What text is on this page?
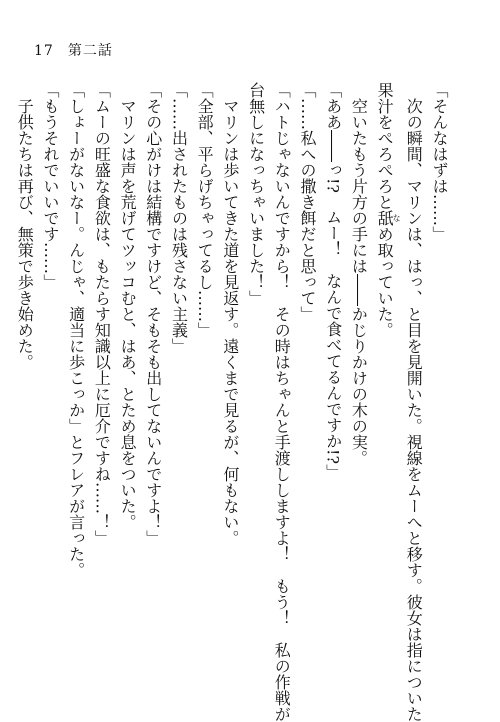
17 第二話

「そんなはずは……」

次の瞬間、マリンは、はっ、と目を見開いた。視線をムーへと移す。彼女は指についた

果汁をぺろぺろと舐なめ取っていた。

空いたもう片方の手には――かじりかけの木の実。

「ああ――っ!?　ムー！　なんで食べてるんですか!?」

「……私への撒き餌だと思って」

「ハトじゃないんですから！　その時はちゃんと手渡ししますよ！　もう！　私の作戦が

台無しになっちゃいました！」

マリンは歩いてきた道を見返す。遠くまで見るが、何もない。

「全部、平らげちゃってるし……」

「……出されたものは残さない主義」

「その心がけは結構ですけど、そもそも出してないんですよ！」

マリンは声を荒げてツッコむと、はあ、とため息をついた。

「ムーの旺盛な食欲は、もたらす知識以上に厄介ですね……！」

「しょーがないなー。んじゃ、適当に歩こっか」とフレアが言った。

「もうそれでいいです……」

子供たちは再び、無策で歩き始めた。
